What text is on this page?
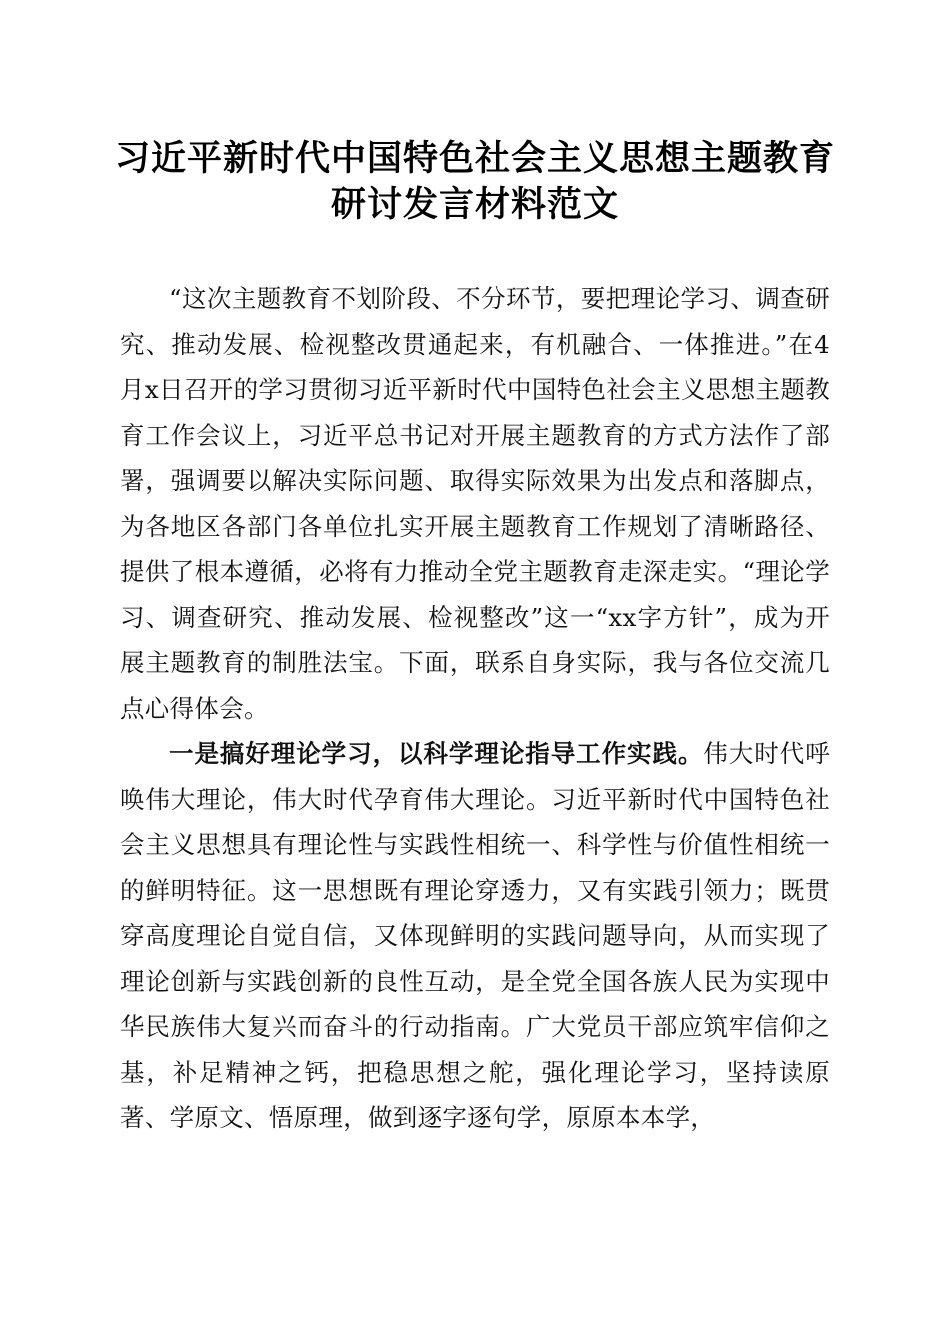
习近平新时代中国特色社会主义思想主题教育
研讨发言材料范文

“这次主题教育不划阶段、不分环节，要把理论学习、调查研究、推动发展、检视整改贯通起来，有机融合、一体推进。”在4月x日召开的学习贯彻习近平新时代中国特色社会主义思想主题教育工作会议上，习近平总书记对开展主题教育的方式方法作了部署，强调要以解决实际问题、取得实际效果为出发点和落脚点，为各地区各部门各单位扎实开展主题教育工作规划了清晰路径、提供了根本遵循，必将有力推动全党主题教育走深走实。“理论学习、调查研究、推动发展、检视整改”这一“xx字方针”，成为开展主题教育的制胜法宝。下面，联系自身实际，我与各位交流几点心得体会。

一是搞好理论学习，以科学理论指导工作实践。伟大时代呼唤伟大理论，伟大时代孕育伟大理论。习近平新时代中国特色社会主义思想具有理论性与实践性相统一、科学性与价值性相统一的鲜明特征。这一思想既有理论穿透力，又有实践引领力；既贯穿高度理论自觉自信，又体现鲜明的实践问题导向，从而实现了理论创新与实践创新的良性互动，是全党全国各族人民为实现中华民族伟大复兴而奋斗的行动指南。广大党员干部应筑牢信仰之基，补足精神之钙，把稳思想之舵，强化理论学习，坚持读原著、学原文、悟原理，做到逐字逐句学，原原本本学，
